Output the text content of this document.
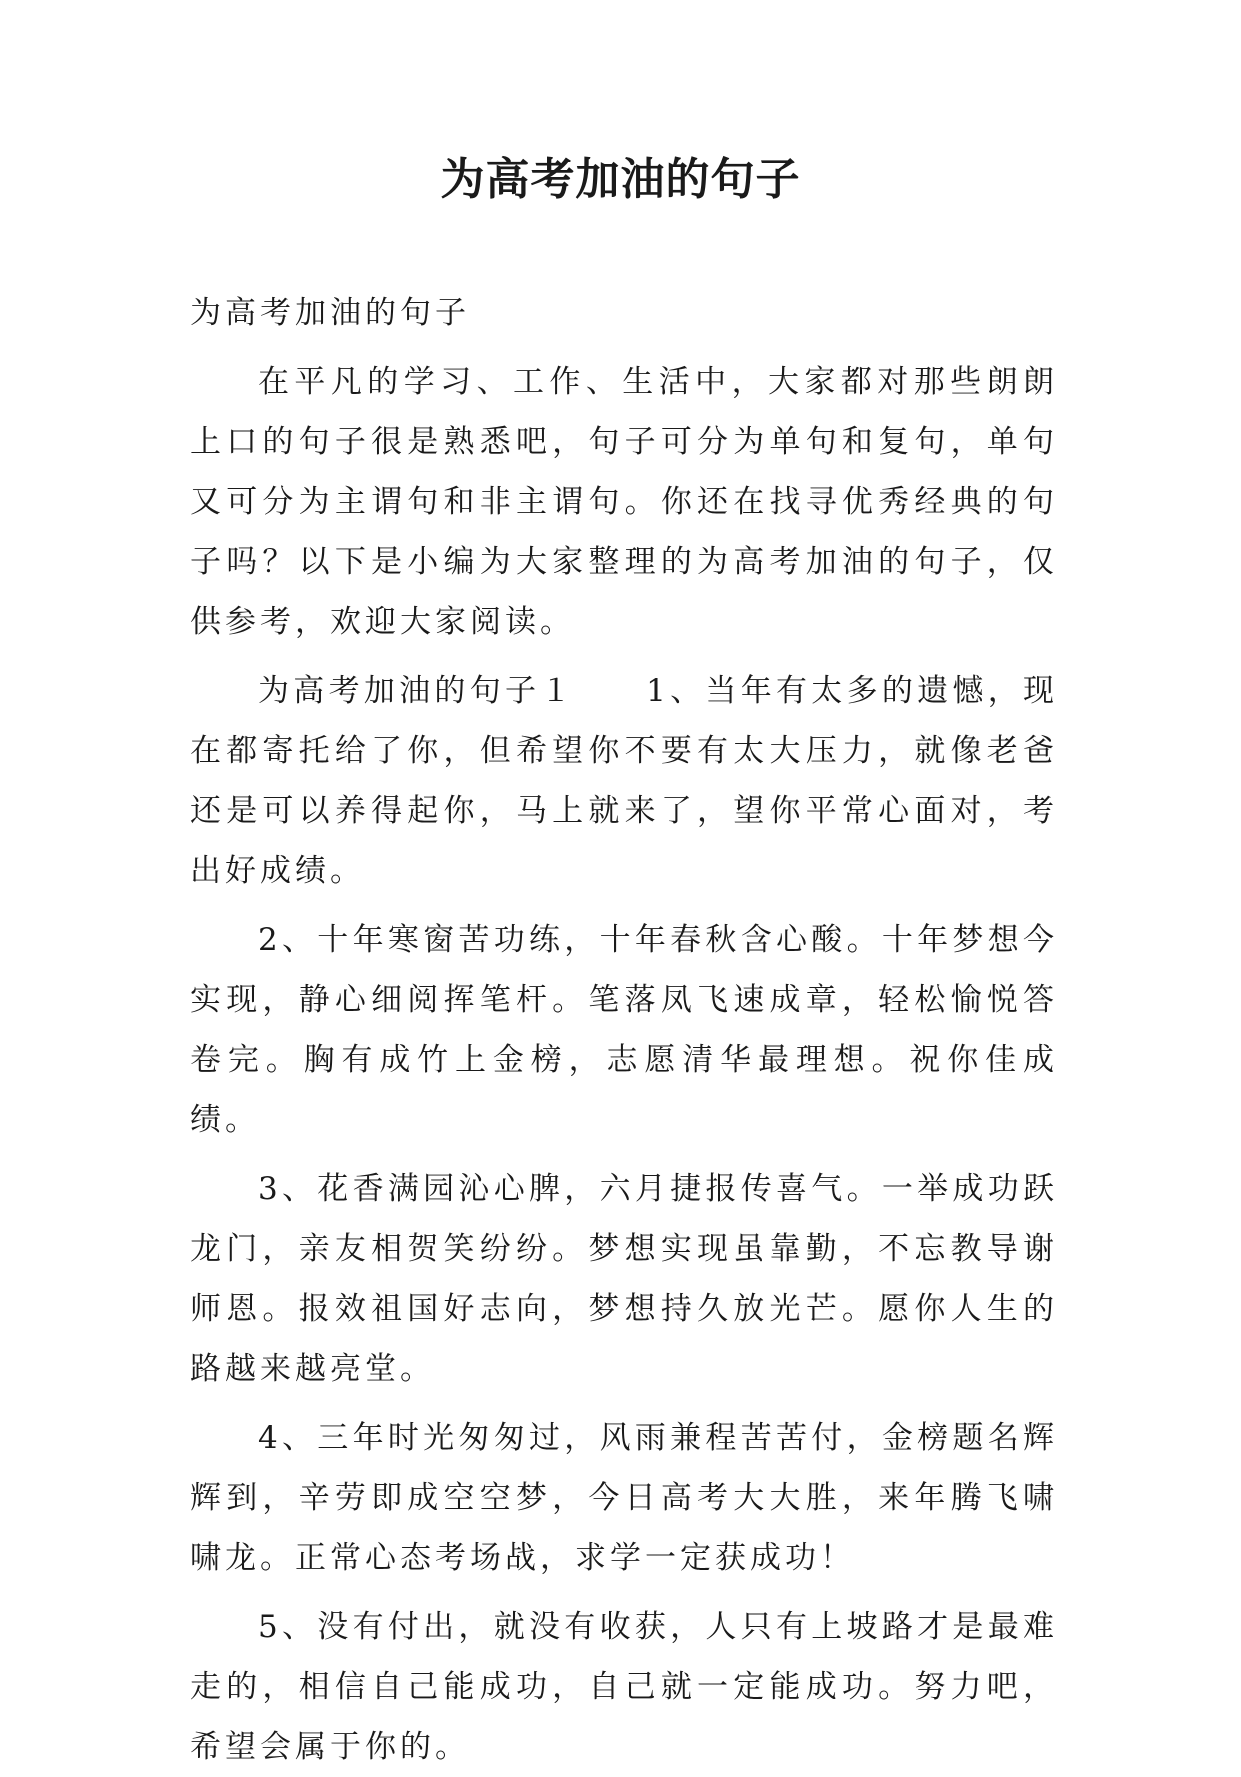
为高考加油的句子

为高考加油的句子

在平凡的学习、工作、生活中，大家都对那些朗朗上口的句子很是熟悉吧，句子可分为单句和复句，单句又可分为主谓句和非主谓句。你还在找寻优秀经典的句子吗？以下是小编为大家整理的为高考加油的句子，仅供参考，欢迎大家阅读。

为高考加油的句子１　　1、当年有太多的遗憾，现在都寄托给了你，但希望你不要有太大压力，就像老爸还是可以养得起你，马上就来了，望你平常心面对，考出好成绩。

2、十年寒窗苦功练，十年春秋含心酸。十年梦想今实现，静心细阅挥笔杆。笔落凤飞速成章，轻松愉悦答卷完。胸有成竹上金榜，志愿清华最理想。祝你佳成绩。

3、花香满园沁心脾，六月捷报传喜气。一举成功跃龙门，亲友相贺笑纷纷。梦想实现虽靠勤，不忘教导谢师恩。报效祖国好志向，梦想持久放光芒。愿你人生的路越来越亮堂。

4、三年时光匆匆过，风雨兼程苦苦付，金榜题名辉辉到，辛劳即成空空梦，今日高考大大胜，来年腾飞啸啸龙。正常心态考场战，求学一定获成功！

5、没有付出，就没有收获，人只有上坡路才是最难走的，相信自己能成功，自己就一定能成功。努力吧，希望会属于你的。
